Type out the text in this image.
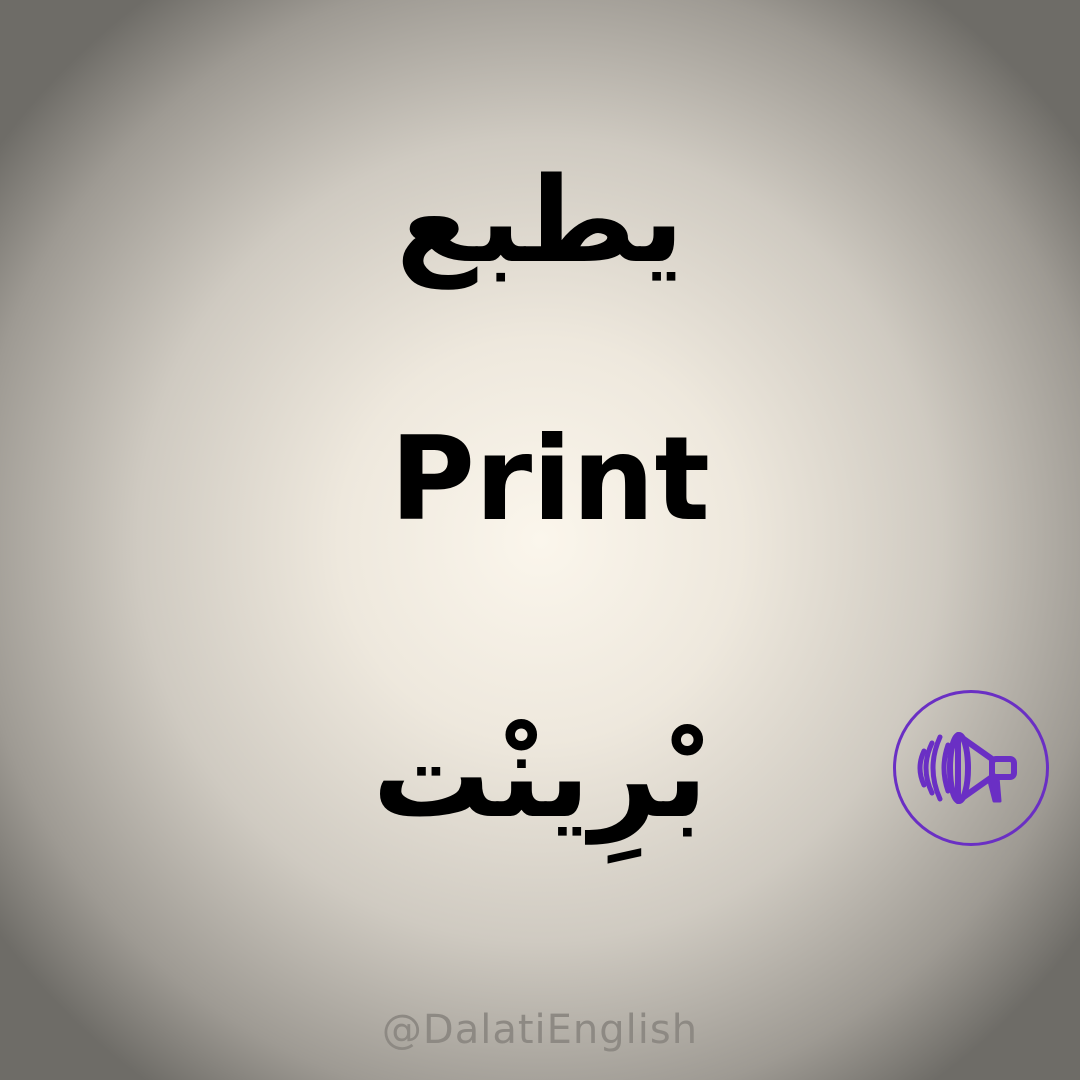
يطبع
Print
بْرِينْت
@DalatiEnglish
